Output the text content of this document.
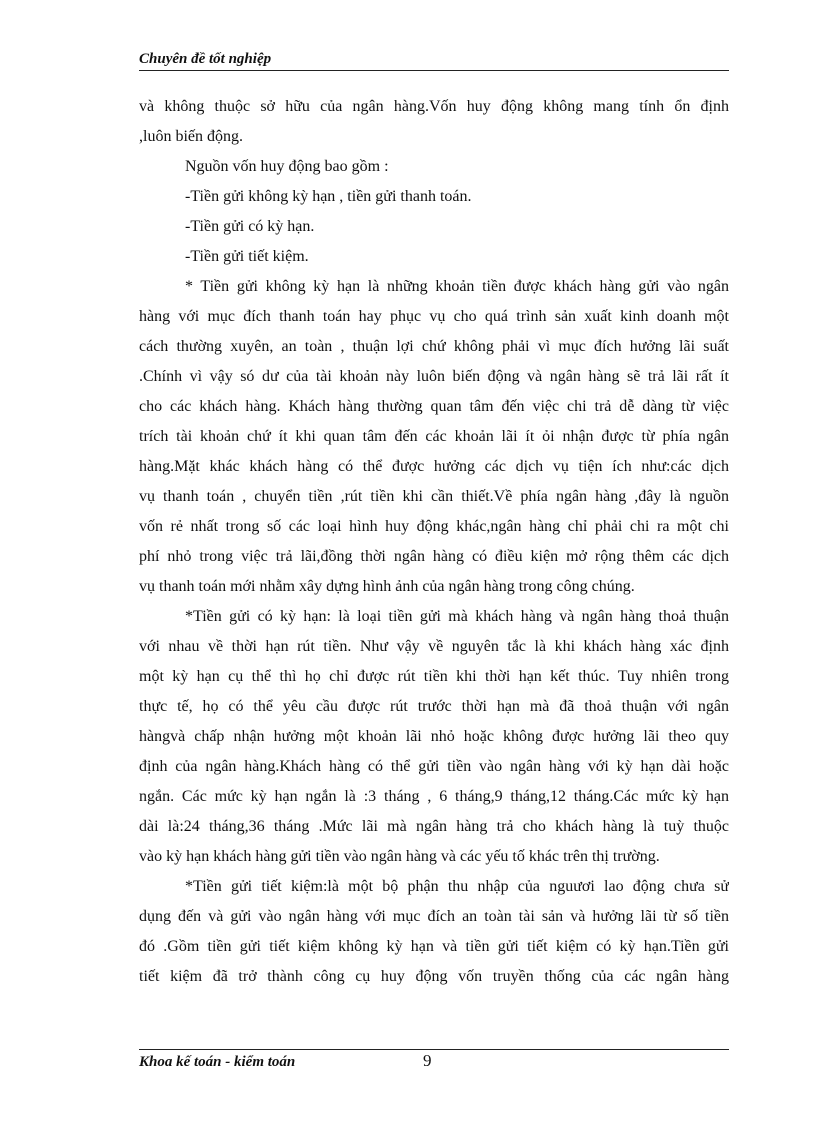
Chuyên đề tốt nghiệp
và không thuộc sở hữu của ngân hàng.Vốn huy động không mang tính ổn định
,luôn biến động.
Nguồn vốn huy động bao gồm :
-Tiền gửi không kỳ hạn , tiền gửi thanh toán.
-Tiền gửi có kỳ hạn.
-Tiền gửi tiết kiệm.
* Tiền gửi không kỳ hạn là những khoản tiền được khách hàng gửi vào ngân
hàng với mục đích thanh toán hay phục vụ cho quá trình sản xuất kinh doanh một
cách thường xuyên, an toàn , thuận lợi chứ không phải vì mục đích hưởng lãi suất
.Chính vì vậy só dư của tài khoản này luôn biến động và ngân hàng sẽ trả lãi rất ít
cho các khách hàng. Khách hàng thường quan tâm đến việc chi trả dễ dàng từ việc
trích tài khoản chứ ít khi quan tâm đến các khoản lãi ít ỏi nhận được từ phía ngân
hàng.Mặt khác khách hàng có thể được hưởng các dịch vụ tiện ích như:các dịch
vụ thanh toán , chuyển tiền ,rút tiền khi cần thiết.Về phía ngân hàng ,đây là nguồn
vốn rẻ nhất trong số các loại hình huy động khác,ngân hàng chỉ phải chi ra một chi
phí nhỏ trong việc trả lãi,đồng thời ngân hàng có điều kiện mở rộng thêm các dịch
vụ thanh toán mới nhằm xây dựng hình ảnh của ngân hàng trong công chúng.
*Tiền gửi có kỳ hạn: là loại tiền gửi mà khách hàng và ngân hàng thoả thuận
với nhau về thời hạn rút tiền. Như vậy về nguyên tắc là khi khách hàng xác định
một kỳ hạn cụ thể thì họ chỉ được rút tiền khi thời hạn kết thúc. Tuy nhiên trong
thực tế, họ có thể yêu cầu được rút trước thời hạn mà đã thoả thuận với ngân
hàngvà chấp nhận hưởng một khoản lãi nhỏ hoặc không được hưởng lãi theo quy
định của ngân hàng.Khách hàng có thể gửi tiền vào ngân hàng với kỳ hạn dài hoặc
ngắn. Các mức kỳ hạn ngắn là :3 tháng , 6 tháng,9 tháng,12 tháng.Các mức kỳ hạn
dài là:24 tháng,36 tháng .Mức lãi mà ngân hàng trả cho khách hàng là tuỳ thuộc
vào kỳ hạn khách hàng gửi tiền vào ngân hàng và các yếu tố khác trên thị trường.
*Tiền gửi tiết kiệm:là một bộ phận thu nhập của nguươi lao động chưa sử
dụng đến và gửi vào ngân hàng với mục đích an toàn tài sản và hưởng lãi từ số tiền
đó .Gồm tiền gửi tiết kiệm không kỳ hạn và tiền gửi tiết kiệm có kỳ hạn.Tiền gửi
tiết kiệm đã trở thành công cụ huy động vốn truyền thống của các ngân hàng
Khoa kế toán - kiểm toán	9
